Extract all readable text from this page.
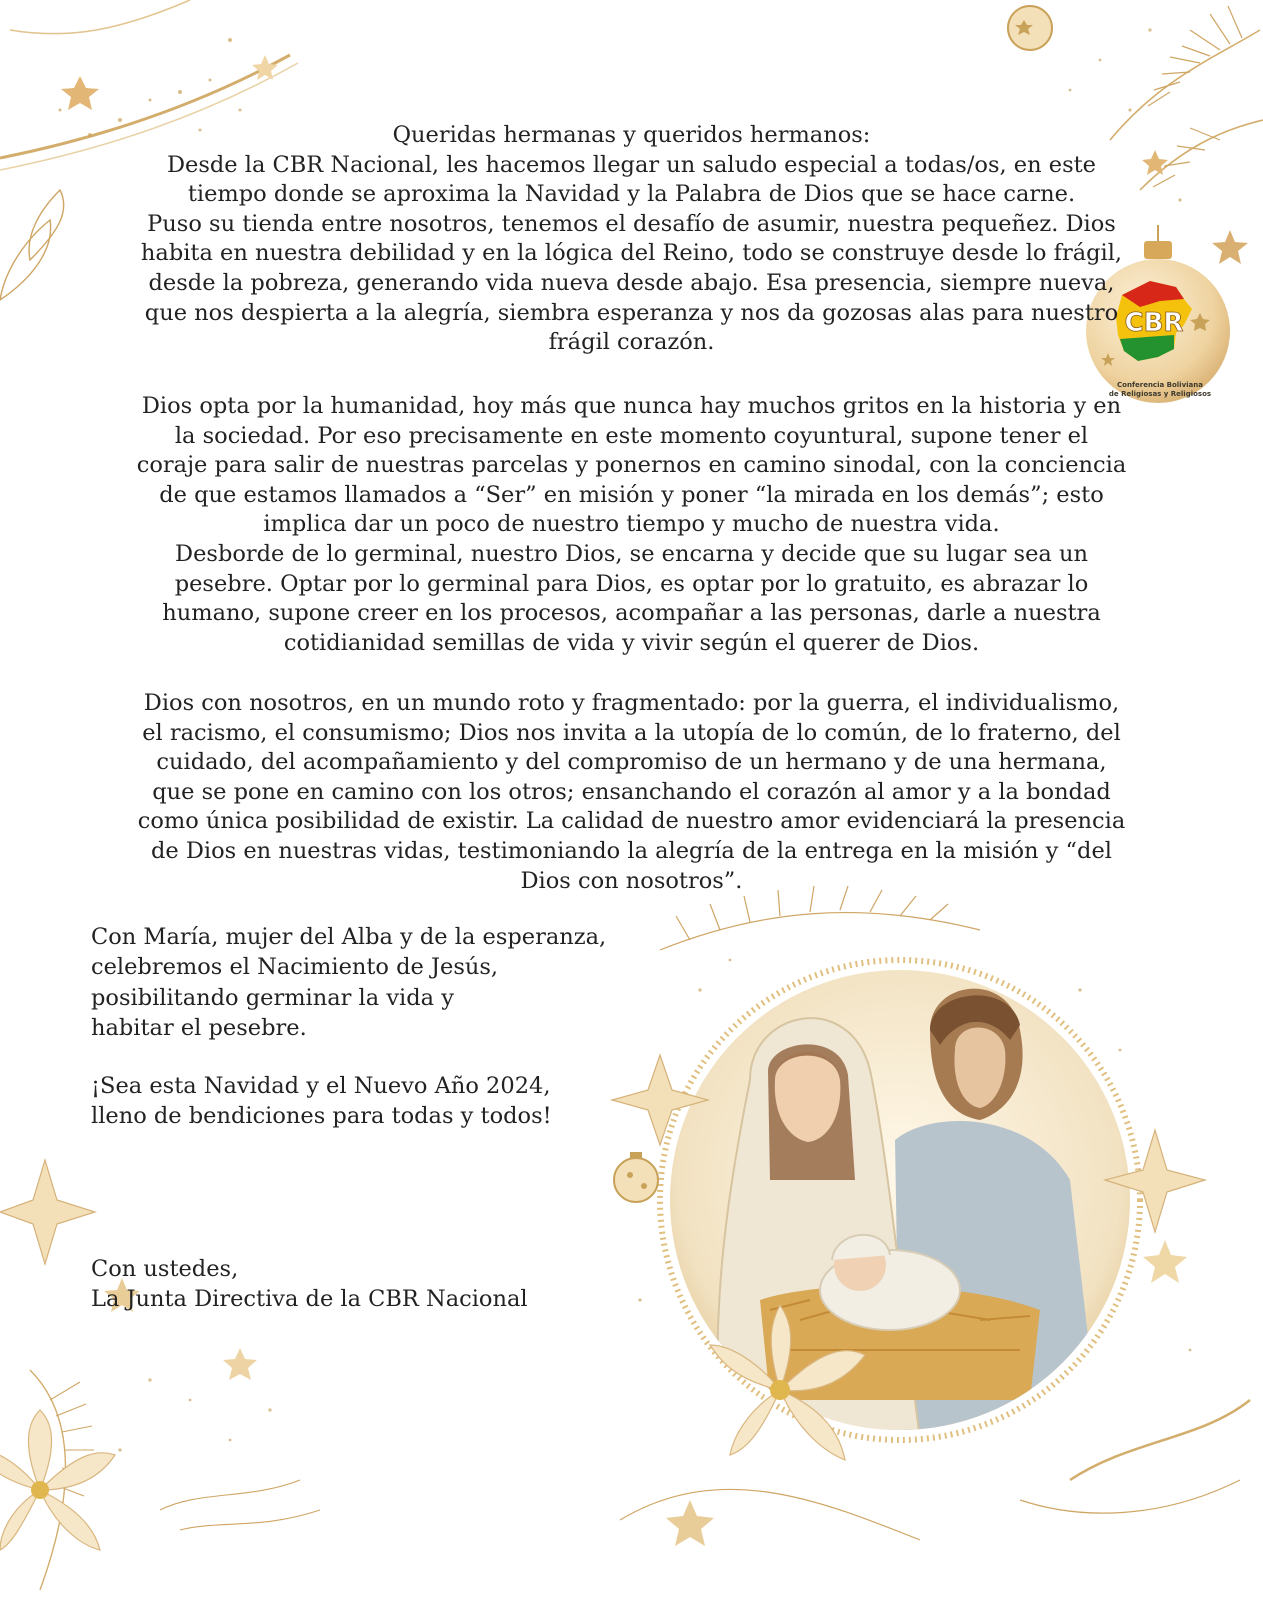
CBR
Conferencia Boliviana
de Religiosas y Religiosos

Queridas hermanas y queridos hermanos:

Desde la CBR Nacional, les hacemos llegar un saludo especial a todas/os, en este

tiempo donde se aproxima la Navidad y la Palabra de Dios que se hace carne.

Puso su tienda entre nosotros, tenemos el desafío de asumir, nuestra pequeñez. Dios

habita en nuestra debilidad y en la lógica del Reino, todo se construye desde lo frágil,

desde la pobreza, generando vida nueva desde abajo. Esa presencia, siempre nueva,

que nos despierta a la alegría, siembra esperanza y nos da gozosas alas para nuestro

frágil corazón.

Dios opta por la humanidad, hoy más que nunca hay muchos gritos en la historia y en

la sociedad. Por eso precisamente en este momento coyuntural, supone tener el

coraje para salir de nuestras parcelas y ponernos en camino sinodal, con la conciencia

de que estamos llamados a “Ser” en misión y poner “la mirada en los demás”; esto

implica dar un poco de nuestro tiempo y mucho de nuestra vida.

Desborde de lo germinal, nuestro Dios, se encarna y decide que su lugar sea un

pesebre. Optar por lo germinal para Dios, es optar por lo gratuito, es abrazar lo

humano, supone creer en los procesos, acompañar a las personas, darle a nuestra

cotidianidad semillas de vida y vivir según el querer de Dios.

Dios con nosotros, en un mundo roto y fragmentado: por la guerra, el individualismo,

el racismo, el consumismo; Dios nos invita a la utopía de lo común, de lo fraterno, del

cuidado, del acompañamiento y del compromiso de un hermano y de una hermana,

que se pone en camino con los otros; ensanchando el corazón al amor y a la bondad

como única posibilidad de existir. La calidad de nuestro amor evidenciará la presencia

de Dios en nuestras vidas, testimoniando la alegría de la entrega en la misión y “del

Dios con nosotros”.

Con María, mujer del Alba y de la esperanza,

celebremos el Nacimiento de Jesús,

posibilitando germinar la vida y

habitar el pesebre.

¡Sea esta Navidad y el Nuevo Año 2024,

lleno de bendiciones para todas y todos!

Con ustedes,

La Junta Directiva de la CBR Nacional
